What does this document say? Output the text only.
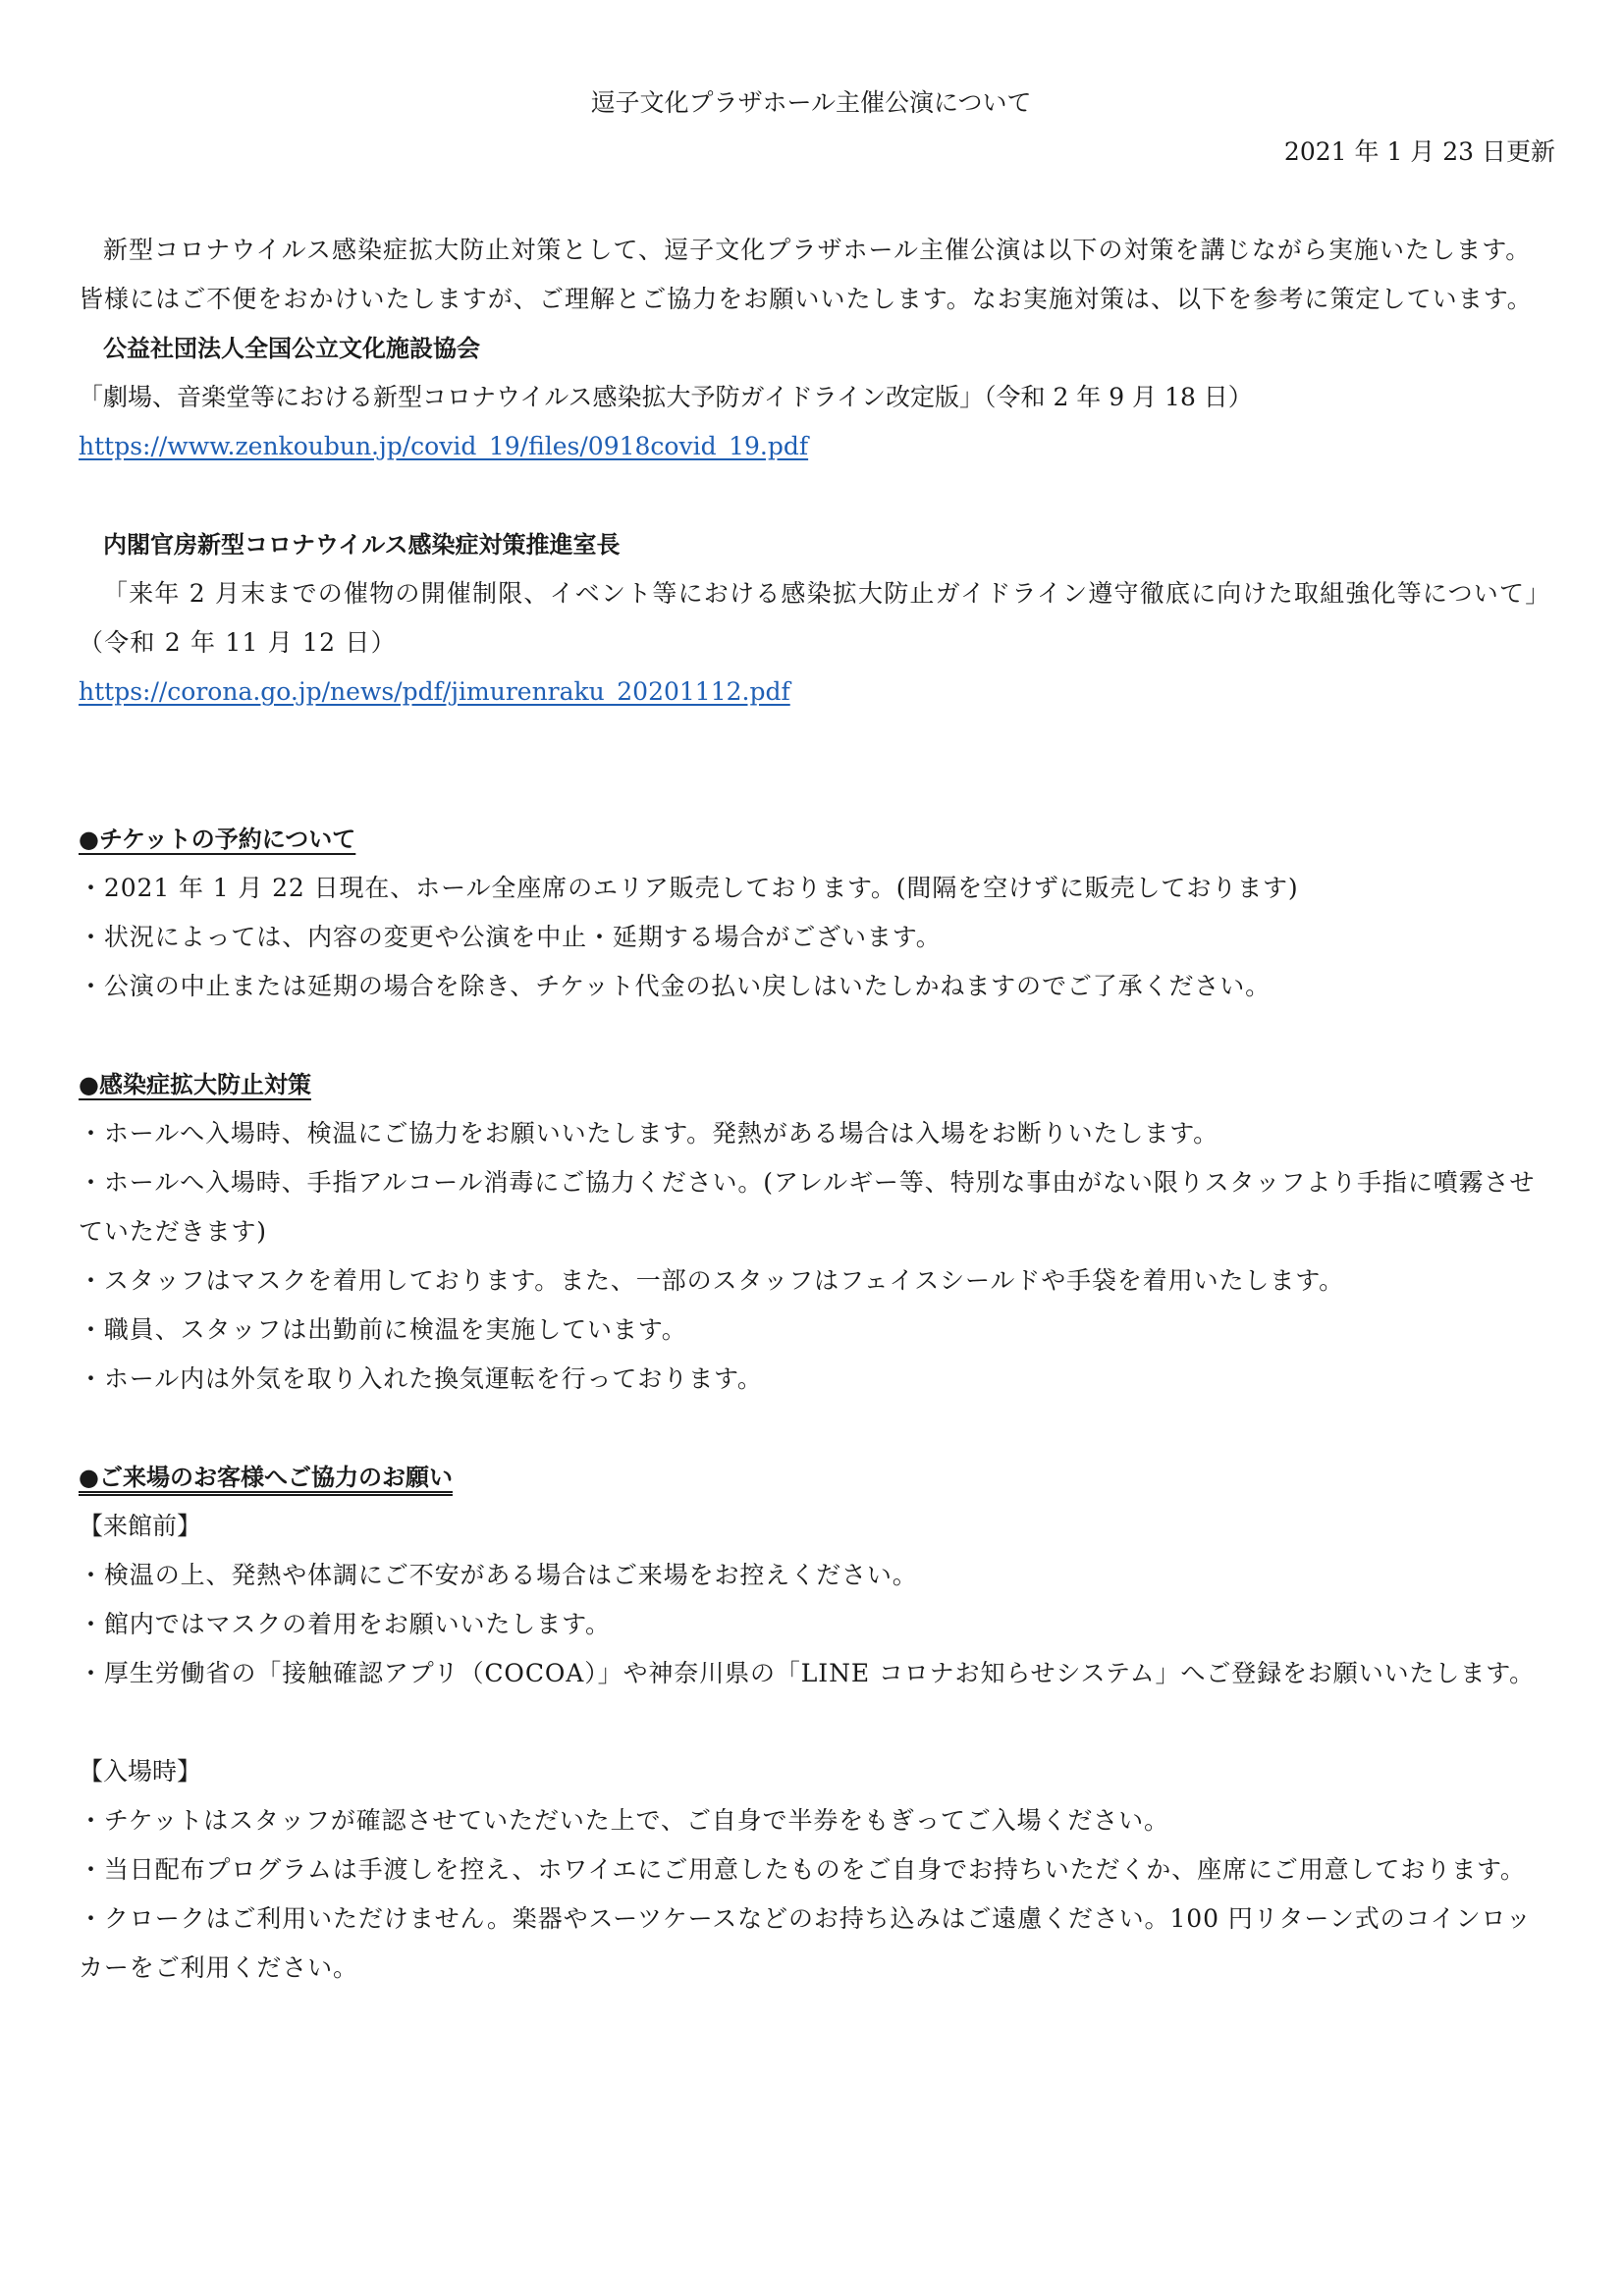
逗子文化プラザホール主催公演について
2021 年 1 月 23 日更新

新型コロナウイルス感染症拡大防止対策として、逗子文化プラザホール主催公演は以下の対策を講じながら実施いたします。皆様にはご不便をおかけいたしますが、ご理解とご協力をお願いいたします。なお実施対策は、以下を参考に策定しています。

公益社団法人全国公立文化施設協会

「劇場、音楽堂等における新型コロナウイルス感染拡大予防ガイドライン改定版」（令和 2 年 9 月 18 日）

https://www.zenkoubun.jp/covid_19/files/0918covid_19.pdf

内閣官房新型コロナウイルス感染症対策推進室長

「来年 2 月末までの催物の開催制限、イベント等における感染拡大防止ガイドライン遵守徹底に向けた取組強化等について」（令和 2 年 11 月 12 日）

https://corona.go.jp/news/pdf/jimurenraku_20201112.pdf

●チケットの予約について

・2021 年 1 月 22 日現在、ホール全座席のエリア販売しております。(間隔を空けずに販売しております)

・状況によっては、内容の変更や公演を中止・延期する場合がございます。

・公演の中止または延期の場合を除き、チケット代金の払い戻しはいたしかねますのでご了承ください。

●感染症拡大防止対策

・ホールへ入場時、検温にご協力をお願いいたします。発熱がある場合は入場をお断りいたします。

・ホールへ入場時、手指アルコール消毒にご協力ください。(アレルギー等、特別な事由がない限りスタッフより手指に噴霧させていただきます)

・スタッフはマスクを着用しております。また、一部のスタッフはフェイスシールドや手袋を着用いたします。

・職員、スタッフは出勤前に検温を実施しています。

・ホール内は外気を取り入れた換気運転を行っております。

●ご来場のお客様へご協力のお願い

【来館前】

・検温の上、発熱や体調にご不安がある場合はご来場をお控えください。

・館内ではマスクの着用をお願いいたします。

・厚生労働省の「接触確認アプリ（COCOA）」や神奈川県の「LINE コロナお知らせシステム」へご登録をお願いいたします。

【入場時】

・チケットはスタッフが確認させていただいた上で、ご自身で半券をもぎってご入場ください。

・当日配布プログラムは手渡しを控え、ホワイエにご用意したものをご自身でお持ちいただくか、座席にご用意しております。

・クロークはご利用いただけません。楽器やスーツケースなどのお持ち込みはご遠慮ください。100 円リターン式のコインロッカーをご利用ください。
